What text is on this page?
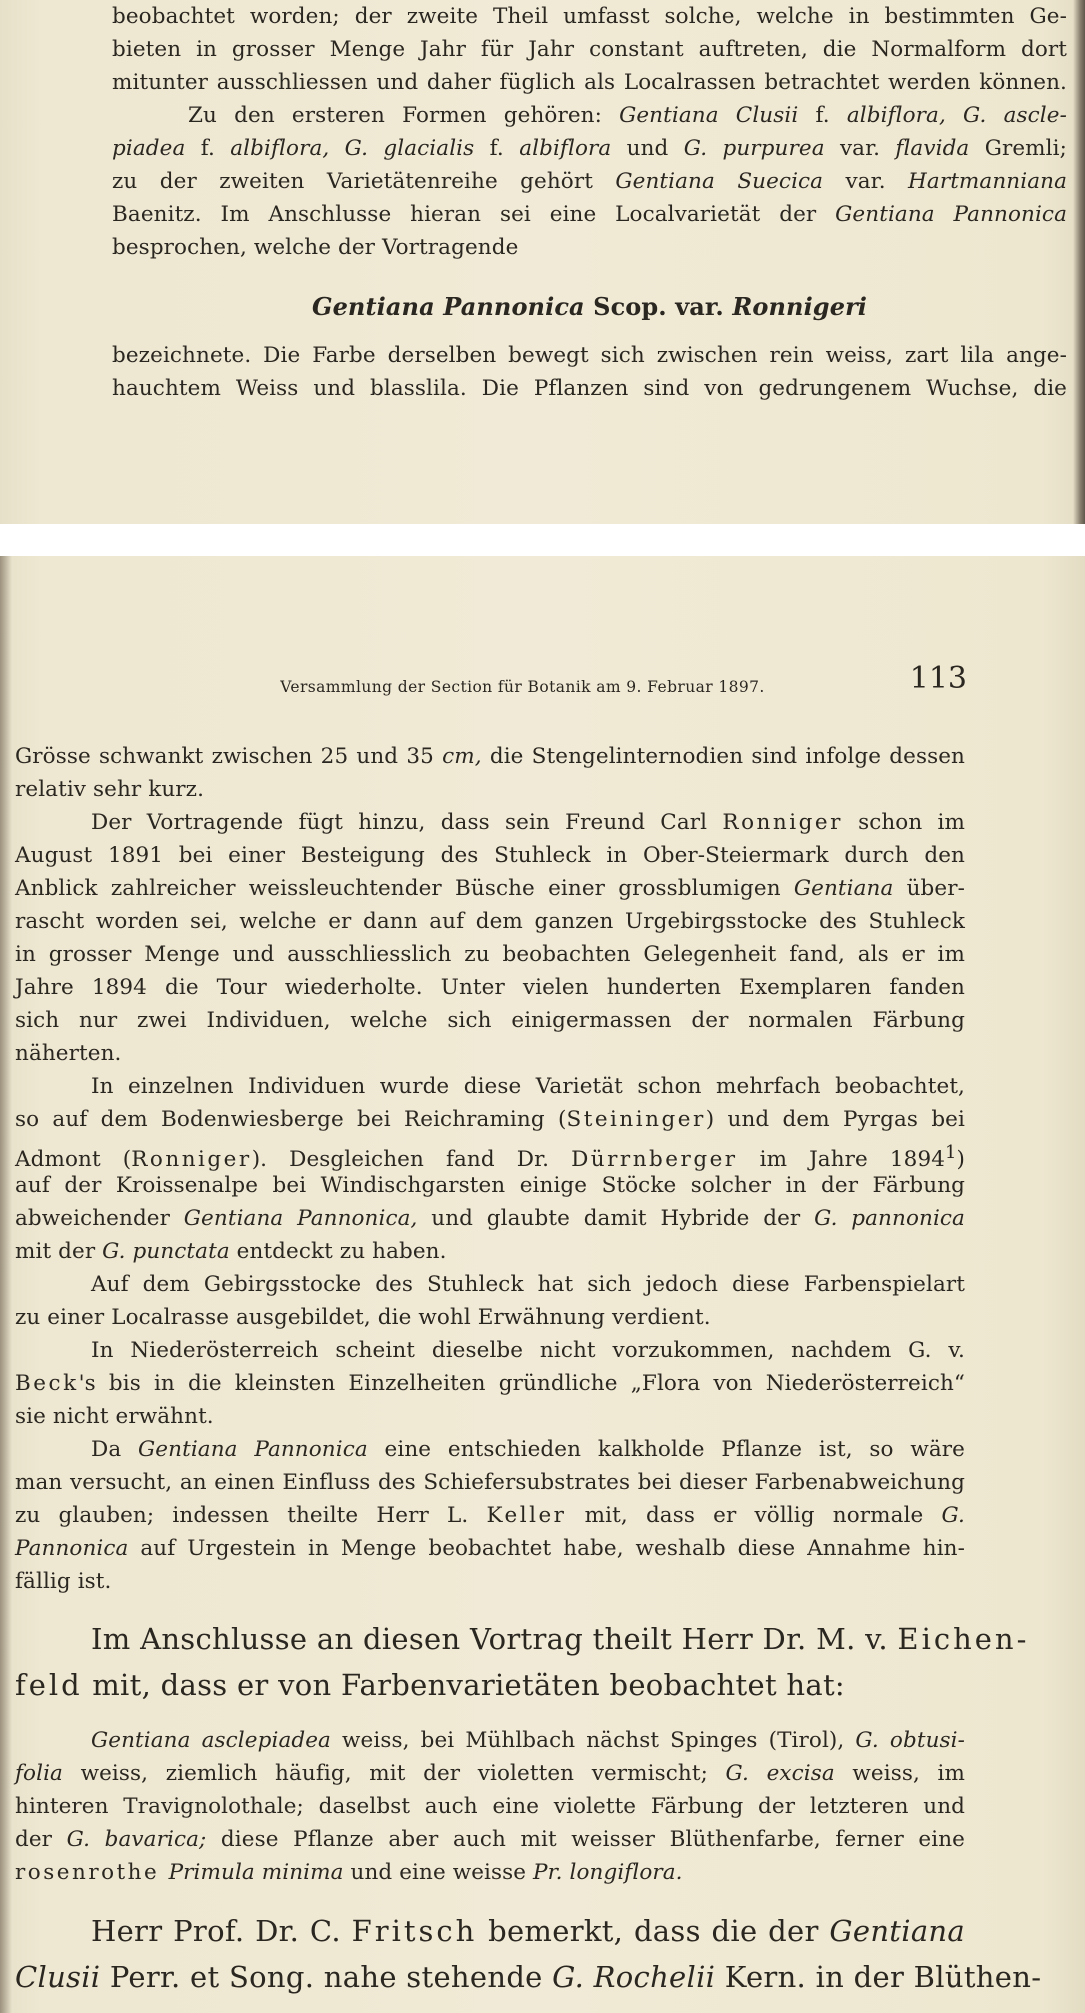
beobachtet worden; der zweite Theil umfasst solche, welche in bestimmten Ge-

bieten in grosser Menge Jahr für Jahr constant auftreten, die Normalform dort

mitunter ausschliessen und daher füglich als Localrassen betrachtet werden können.

Zu den ersteren Formen gehören: Gentiana Clusii f. albiflora, G. ascle-

piadea f. albiflora, G. glacialis f. albiflora und G. purpurea var. flavida Gremli;

zu der zweiten Varietätenreihe gehört Gentiana Suecica var. Hartmanniana

Baenitz. Im Anschlusse hieran sei eine Localvarietät der Gentiana Pannonica

besprochen, welche der Vortragende

Gentiana Pannonica Scop. var. Ronnigeri

bezeichnete. Die Farbe derselben bewegt sich zwischen rein weiss, zart lila ange-

hauchtem Weiss und blasslila. Die Pflanzen sind von gedrungenem Wuchse, die

Versammlung der Section für Botanik am 9. Februar 1897.	113

Grösse schwankt zwischen 25 und 35 cm, die Stengelinternodien sind infolge dessen

relativ sehr kurz.

Der Vortragende fügt hinzu, dass sein Freund Carl Ronniger schon im

August 1891 bei einer Besteigung des Stuhleck in Ober-Steiermark durch den

Anblick zahlreicher weissleuchtender Büsche einer grossblumigen Gentiana über-

rascht worden sei, welche er dann auf dem ganzen Urgebirgsstocke des Stuhleck

in grosser Menge und ausschliesslich zu beobachten Gelegenheit fand, als er im

Jahre 1894 die Tour wiederholte. Unter vielen hunderten Exemplaren fanden

sich nur zwei Individuen, welche sich einigermassen der normalen Färbung

näherten.

In einzelnen Individuen wurde diese Varietät schon mehrfach beobachtet,

so auf dem Bodenwiesberge bei Reichraming (Steininger) und dem Pyrgas bei

Admont (Ronniger). Desgleichen fand Dr. Dürrnberger im Jahre 1894$^1$)

auf der Kroissenalpe bei Windischgarsten einige Stöcke solcher in der Färbung

abweichender Gentiana Pannonica, und glaubte damit Hybride der G. pannonica

mit der G. punctata entdeckt zu haben.

Auf dem Gebirgsstocke des Stuhleck hat sich jedoch diese Farbenspielart

zu einer Localrasse ausgebildet, die wohl Erwähnung verdient.

In Niederösterreich scheint dieselbe nicht vorzukommen, nachdem G. v.

Beck's bis in die kleinsten Einzelheiten gründliche „Flora von Niederösterreich“

sie nicht erwähnt.

Da Gentiana Pannonica eine entschieden kalkholde Pflanze ist, so wäre

man versucht, an einen Einfluss des Schiefersubstrates bei dieser Farbenabweichung

zu glauben; indessen theilte Herr L. Keller mit, dass er völlig normale G.

Pannonica auf Urgestein in Menge beobachtet habe, weshalb diese Annahme hin-

fällig ist.

Im Anschlusse an diesen Vortrag theilt Herr Dr. M. v. Eichen-

feld mit, dass er von Farbenvarietäten beobachtet hat:

Gentiana asclepiadea weiss, bei Mühlbach nächst Spinges (Tirol), G. obtusi-

folia weiss, ziemlich häufig, mit der violetten vermischt; G. excisa weiss, im

hinteren Travignolothale; daselbst auch eine violette Färbung der letzteren und

der G. bavarica; diese Pflanze aber auch mit weisser Blüthenfarbe, ferner eine

rosenrothe Primula minima und eine weisse Pr. longiflora.

Herr Prof. Dr. C. Fritsch bemerkt, dass die der Gentiana

Clusii Perr. et Song. nahe stehende G. Rochelii Kern. in der Blüthen-
